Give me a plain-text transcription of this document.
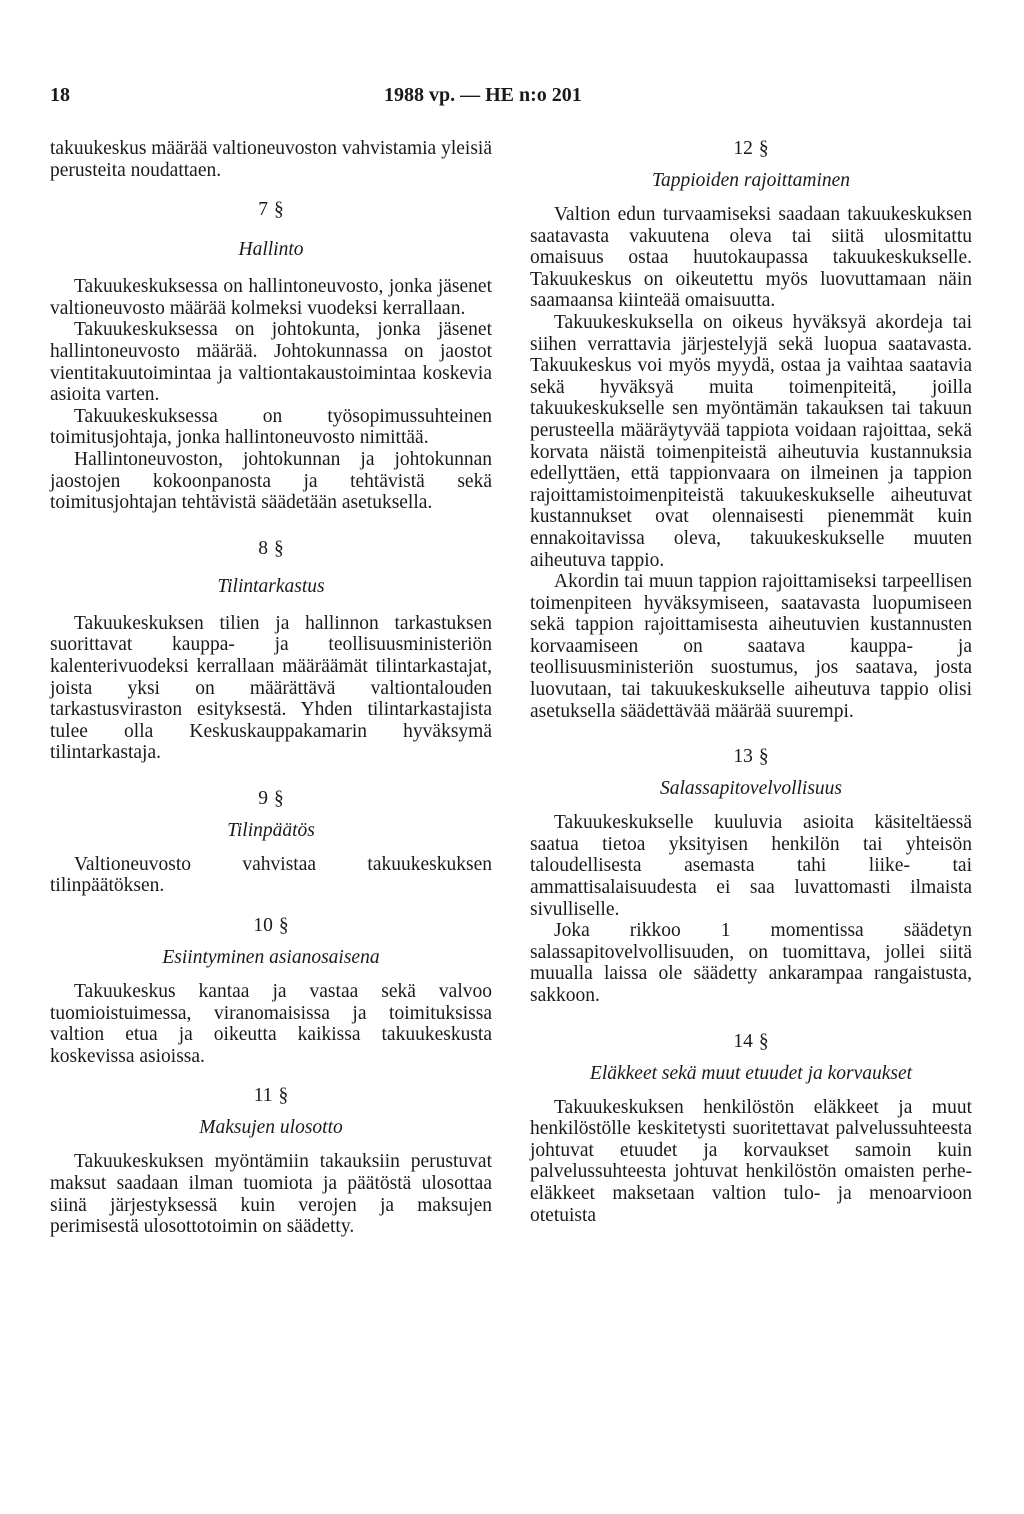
18	1988 vp. — HE n:o 201

takuukeskus määrää valtioneuvoston vahvistamia yleisiä perusteita noudattaen.

7 §
Hallinto

Takuukeskuksessa on hallintoneuvosto, jonka jäsenet valtioneuvosto määrää kolmeksi vuodeksi kerrallaan.

Takuukeskuksessa on johtokunta, jonka jäsenet hallintoneuvosto määrää. Johtokunnassa on jaostot vientitakuutoimintaa ja valtiontakaustoimintaa koskevia asioita varten.

Takuukeskuksessa on työsopimussuhteinen toimitusjohtaja, jonka hallintoneuvosto nimittää.

Hallintoneuvoston, johtokunnan ja johtokunnan jaostojen kokoonpanosta ja tehtävistä sekä toimitusjohtajan tehtävistä säädetään asetuksella.

8 §
Tilintarkastus

Takuukeskuksen tilien ja hallinnon tarkastuksen suorittavat kauppa- ja teollisuusministeriön kalenterivuodeksi kerrallaan määräämät tilintarkastajat, joista yksi on määrättävä valtiontalouden tarkastusviraston esityksestä. Yhden tilintarkastajista tulee olla Keskuskauppakamarin hyväksymä tilintarkastaja.

9 §
Tilinpäätös

Valtioneuvosto vahvistaa takuukeskuksen tilinpäätöksen.

10 §
Esiintyminen asianosaisena

Takuukeskus kantaa ja vastaa sekä valvoo tuomioistuimessa, viranomaisissa ja toimituksissa valtion etua ja oikeutta kaikissa takuukeskusta koskevissa asioissa.

11 §
Maksujen ulosotto

Takuukeskuksen myöntämiin takauksiin perustuvat maksut saadaan ilman tuomiota ja päätöstä ulosottaa siinä järjestyksessä kuin verojen ja maksujen perimisestä ulosottotoimin on säädetty.

12 §
Tappioiden rajoittaminen

Valtion edun turvaamiseksi saadaan takuukeskuksen saatavasta vakuutena oleva tai siitä ulosmitattu omaisuus ostaa huutokaupassa takuukeskukselle. Takuukeskus on oikeutettu myös luovuttamaan näin saamaansa kiinteää omaisuutta.

Takuukeskuksella on oikeus hyväksyä akordeja tai siihen verrattavia järjestelyjä sekä luopua saatavasta. Takuukeskus voi myös myydä, ostaa ja vaihtaa saatavia sekä hyväksyä muita toimenpiteitä, joilla takuukeskukselle sen myöntämän takauksen tai takuun perusteella määräytyvää tappiota voidaan rajoittaa, sekä korvata näistä toimenpiteistä aiheutuvia kustannuksia edellyttäen, että tappionvaara on ilmeinen ja tappion rajoittamistoimenpiteistä takuukeskukselle aiheutuvat kustannukset ovat olennaisesti pienemmät kuin ennakoitavissa oleva, takuukeskukselle muuten aiheutuva tappio.

Akordin tai muun tappion rajoittamiseksi tarpeellisen toimenpiteen hyväksymiseen, saatavasta luopumiseen sekä tappion rajoittamisesta aiheutuvien kustannusten korvaamiseen on saatava kauppa- ja teollisuusministeriön suostumus, jos saatava, josta luovutaan, tai takuukeskukselle aiheutuva tappio olisi asetuksella säädettävää määrää suurempi.

13 §
Salassapitovelvollisuus

Takuukeskukselle kuuluvia asioita käsiteltäessä saatua tietoa yksityisen henkilön tai yhteisön taloudellisesta asemasta tahi liike- tai ammattisalaisuudesta ei saa luvattomasti ilmaista sivulliselle.

Joka rikkoo 1 momentissa säädetyn salassapitovelvollisuuden, on tuomittava, jollei siitä muualla laissa ole säädetty ankarampaa rangaistusta, sakkoon.

14 §
Eläkkeet sekä muut etuudet ja korvaukset

Takuukeskuksen henkilöstön eläkkeet ja muut henkilöstölle keskitetysti suoritettavat palvelussuhteesta johtuvat etuudet ja korvaukset samoin kuin palvelussuhteesta johtuvat henkilöstön omaisten perhe-eläkkeet maksetaan valtion tulo- ja menoarvioon otetuista
